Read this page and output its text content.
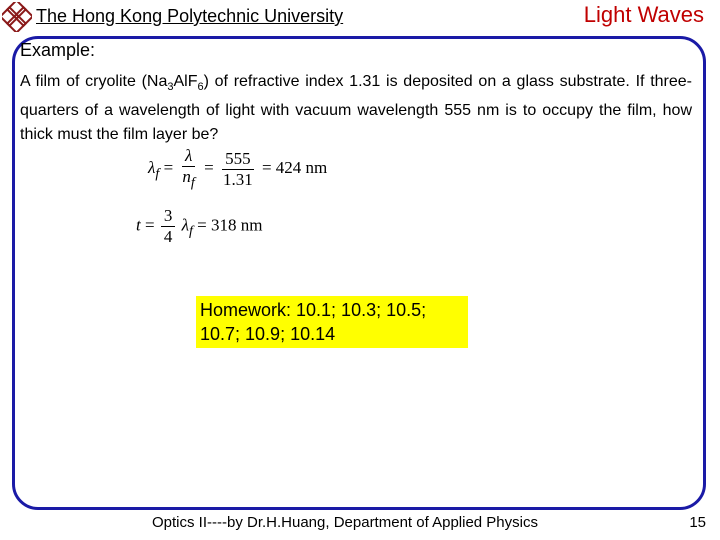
The Hong Kong Polytechnic University	Light Waves
Example:
A film of cryolite $(Na_3AlF_6)$ of refractive index 1.31 is deposited on a glass substrate. If three-quarters of a wavelength of light with vacuum wavelength 555 nm is to occupy the film, how thick must the film layer be?
$\lambda_f = \frac{\lambda}{n_f} = \frac{555}{1.31} = 424$ nm
$t = \frac{3}{4} \lambda_f = 318$ nm
Homework: 10.1; 10.3; 10.5;
10.7; 10.9; 10.14
Optics II----by Dr.H.Huang, Department of Applied Physics	15
